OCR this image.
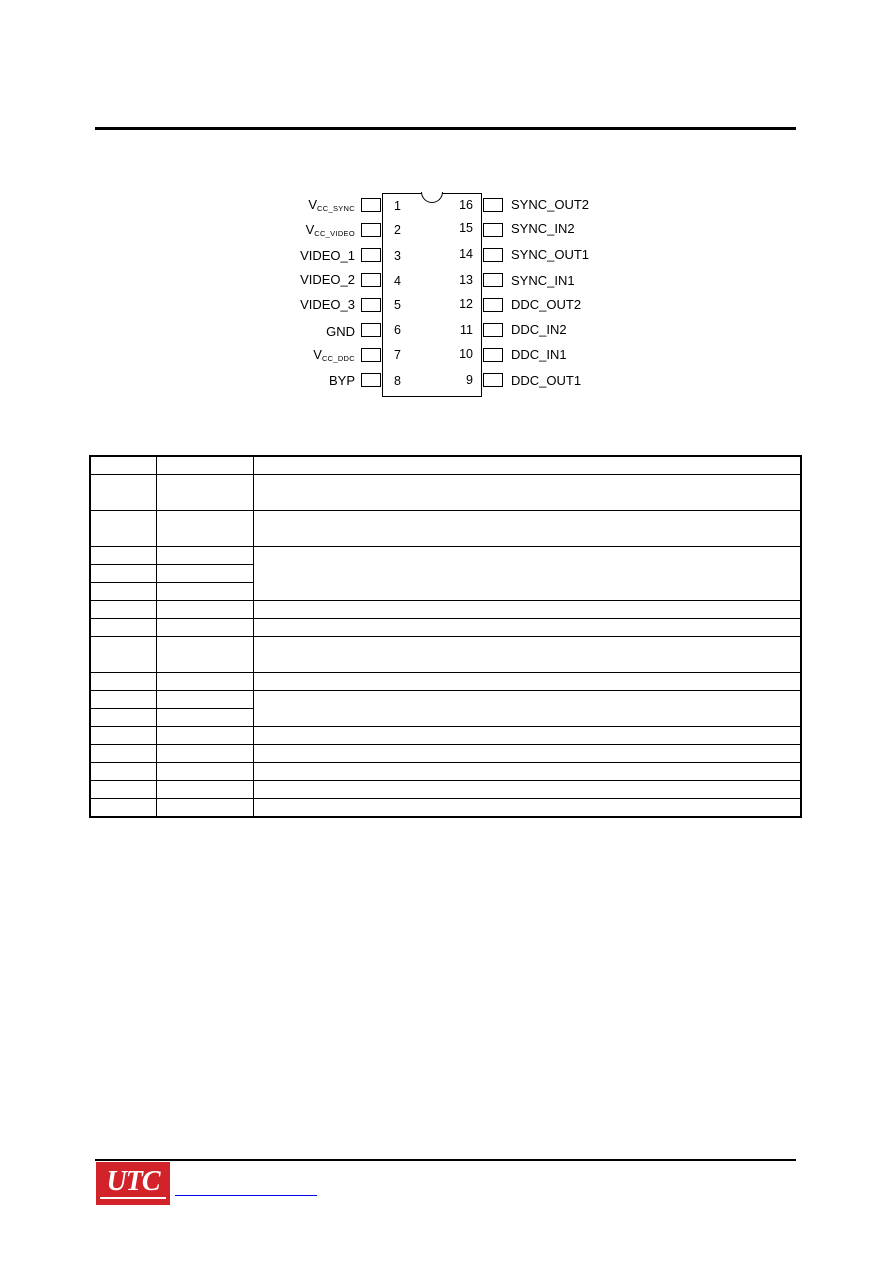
1
$V_{CC\_SYNC}$
2
$V_{CC\_VIDEO}$
3
VIDEO_1
4
VIDEO_2
5
VIDEO_3
6
GND
7
$V_{CC\_DDC}$
8
BYP
16	SYNC_OUT2
15	SYNC_IN2
14	SYNC_OUT1
13	SYNC_IN1
12	DDC_OUT2
11	DDC_IN2
10	DDC_IN1
9	DDC_OUT1

UTC
